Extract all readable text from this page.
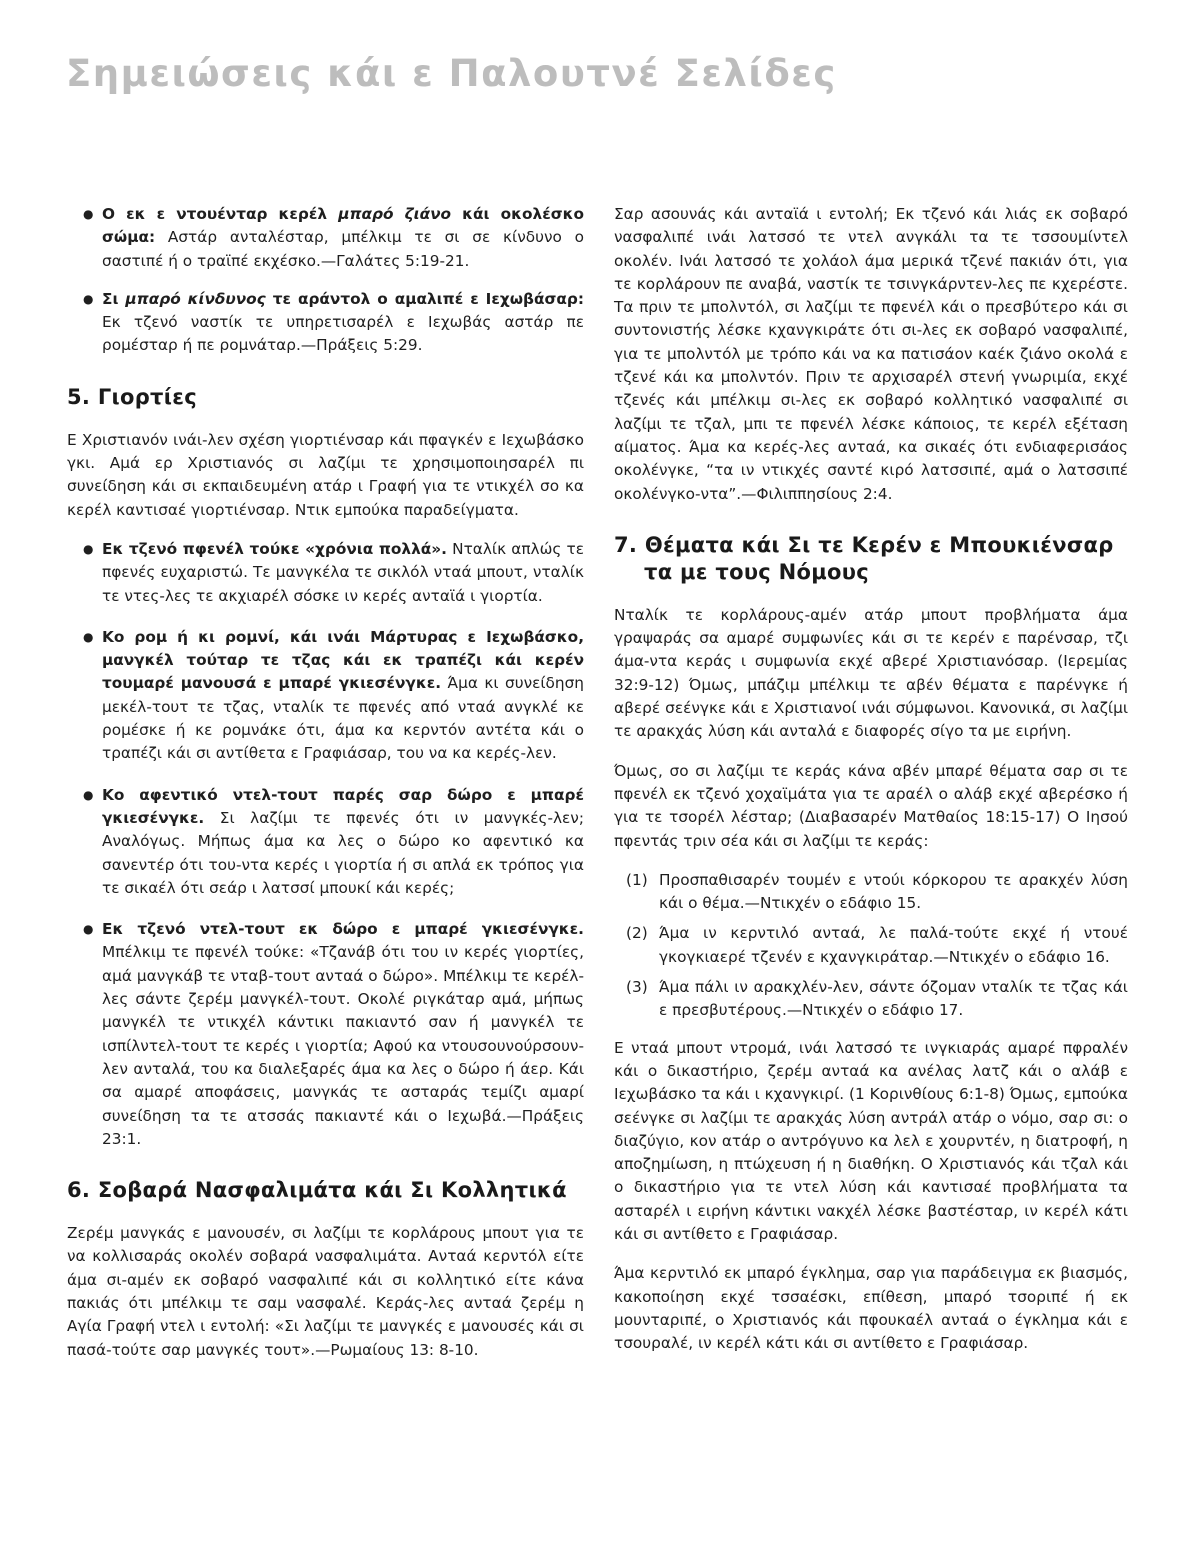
Σημειώσεις κάι ε Παλουτνέ Σελίδες
● Ο εκ ε ντουένταρ κερέλ μπαρό ζιάνο κάι οκολέσκο σώμα: Αστάρ ανταλέσταρ, μπέλκιμ τε σι σε κίνδυνο ο σαστιπέ ή ο τραϊπέ εκχέσκο.—Γαλάτες 5:19-21.
● Σι μπαρό κίνδυνος τε αράντολ ο αμαλιπέ ε Ιεχωβάσαρ: Εκ τζενό ναστίκ τε υπηρετισαρέλ ε Ιεχωβάς αστάρ πε ρομέσταρ ή πε ρομνάταρ.—Πράξεις 5:29.
5. Γιορτίες

Ε Χριστιανόν ινάι-λεν σχέση γιορτιένσαρ κάι πφαγκέν ε Ιεχωβάσκο γκι. Αμά ερ Χριστιανός σι λαζίμι τε χρησιμοποιησαρέλ πι συνείδηση κάι σι εκπαιδευμένη ατάρ ι Γραφή για τε ντικχέλ σο κα κερέλ καντισαέ γιορτιένσαρ. Ντικ εμπούκα παραδείγματα.

● Εκ τζενό πφενέλ τούκε «χρόνια πολλά». Νταλίκ απλώς τε πφενές ευχαριστώ. Τε μανγκέλα τε σικλόλ νταά μπουτ, νταλίκ τε ντες-λες τε ακχιαρέλ σόσκε ιν κερές ανταϊά ι γιορτία.
● Κο ρομ ή κι ρομνί, κάι ινάι Μάρτυρας ε Ιεχωβάσκο, μανγκέλ τούταρ τε τζας κάι εκ τραπέζι κάι κερέν τουμαρέ μανουσά ε μπαρέ γκιεσένγκε. Άμα κι συνείδηση μεκέλ-τουτ τε τζας, νταλίκ τε πφενές από νταά ανγκλέ κε ρομέσκε ή κε ρομνάκε ότι, άμα κα κερντόν αντέτα κάι ο τραπέζι κάι σι αντίθετα ε Γραφιάσαρ, του να κα κερές-λεν.
● Κο αφεντικό ντελ-τουτ παρές σαρ δώρο ε μπαρέ γκιεσένγκε. Σι λαζίμι τε πφενές ότι ιν μανγκές-λεν; Αναλόγως. Μήπως άμα κα λες ο δώρο κο αφεντικό κα σανεντέρ ότι του-ντα κερές ι γιορτία ή σι απλά εκ τρόπος για τε σικαέλ ότι σεάρ ι λατσσί μπουκί κάι κερές;
● Εκ τζενό ντελ-τουτ εκ δώρο ε μπαρέ γκιεσένγκε. Μπέλκιμ τε πφενέλ τούκε: «Τζανάβ ότι του ιν κερές γιορτίες, αμά μανγκάβ τε νταβ-τουτ ανταά ο δώρο». Μπέλκιμ τε κερέλ-λες σάντε ζερέμ μανγκέλ-τουτ. Οκολέ ριγκάταρ αμά, μήπως μανγκέλ τε ντικχέλ κάντικι πακιαντό σαν ή μανγκέλ τε ισπίλντελ-τουτ τε κερές ι γιορτία; Αφού κα ντουσουνούρσουν-λεν ανταλά, του κα διαλεξαρές άμα κα λες ο δώρο ή άερ. Κάι σα αμαρέ αποφάσεις, μανγκάς τε ασταράς τεμίζι αμαρί συνείδηση τα τε ατσσάς πακιαντέ κάι ο Ιεχωβά.—Πράξεις 23:1.
6. Σοβαρά Νασφαλιμάτα κάι Σι Κολλητικά

Ζερέμ μανγκάς ε μανουσέν, σι λαζίμι τε κορλάρους μπουτ για τε να κολλισαράς οκολέν σοβαρά νασφαλιμάτα. Ανταά κερντόλ είτε άμα σι-αμέν εκ σοβαρό νασφαλιπέ κάι σι κολλητικό είτε κάνα πακιάς ότι μπέλκιμ τε σαμ νασφαλέ. Κεράς-λες ανταά ζερέμ η Αγία Γραφή ντελ ι εντολή: «Σι λαζίμι τε μανγκές ε μανουσές κάι σι πασά-τούτε σαρ μανγκές τουτ».—Ρωμαίους 13: 8-10.

Σαρ ασουνάς κάι ανταϊά ι εντολή; Εκ τζενό κάι λιάς εκ σοβαρό νασφαλιπέ ινάι λατσσό τε ντελ ανγκάλι τα τε τσσουμίντελ οκολέν. Ινάι λατσσό τε χολάολ άμα μερικά τζενέ πακιάν ότι, για τε κορλάρουν πε αναβά, ναστίκ τε τσινγκάρντεν-λες πε κχερέστε. Τα πριν τε μπολντόλ, σι λαζίμι τε πφενέλ κάι ο πρεσβύτερο κάι σι συντονιστής λέσκε κχανγκιράτε ότι σι-λες εκ σοβαρό νασφαλιπέ, για τε μπολντόλ με τρόπο κάι να κα πατισάον καέκ ζιάνο οκολά ε τζενέ κάι κα μπολντόν. Πριν τε αρχισαρέλ στενή γνωριμία, εκχέ τζενές κάι μπέλκιμ σι-λες εκ σοβαρό κολλητικό νασφαλιπέ σι λαζίμι τε τζαλ, μπι τε πφενέλ λέσκε κάποιος, τε κερέλ εξέταση αίματος. Άμα κα κερές-λες ανταά, κα σικαές ότι ενδιαφερισάος οκολένγκε, “τα ιν ντικχές σαντέ κιρό λατσσιπέ, αμά ο λατσσιπέ οκολένγκο-ντα”.—Φιλιππησίους 2:4.

7. Θέματα κάι Σι τε Κερέν ε Μπουκιένσαρ
τα με τους Νόμους

Νταλίκ τε κορλάρους-αμέν ατάρ μπουτ προβλήματα άμα γραψαράς σα αμαρέ συμφωνίες κάι σι τε κερέν ε παρένσαρ, τζι άμα-ντα κεράς ι συμφωνία εκχέ αβερέ Χριστιανόσαρ. (Ιερεμίας 32:9-12) Όμως, μπάζιμ μπέλκιμ τε αβέν θέματα ε παρένγκε ή αβερέ σεένγκε κάι ε Χριστιανοί ινάι σύμφωνοι. Κανονικά, σι λαζίμι τε αρακχάς λύση κάι ανταλά ε διαφορές σίγο τα με ειρήνη.

Όμως, σο σι λαζίμι τε κεράς κάνα αβέν μπαρέ θέματα σαρ σι τε πφενέλ εκ τζενό χοχαϊμάτα για τε αραέλ ο αλάβ εκχέ αβερέσκο ή για τε τσορέλ λέσταρ; (Διαβασαρέν Ματθαίος 18:15-17) Ο Ιησού πφεντάς τριν σέα κάι σι λαζίμι τε κεράς:

(1) Προσπαθισαρέν τουμέν ε ντούι κόρκορου τε αρακχέν λύση κάι ο θέμα.—Ντικχέν ο εδάφιο 15.
(2) Άμα ιν κερντιλό ανταά, λε παλά-τούτε εκχέ ή ντουέ γκογκιαερέ τζενέν ε κχανγκιράταρ.—Ντικχέν ο εδάφιο 16.
(3) Άμα πάλι ιν αρακχλέν-λεν, σάντε όζομαν νταλίκ τε τζας κάι ε πρεσβυτέρους.—Ντικχέν ο εδάφιο 17.

Ε νταά μπουτ ντρομά, ινάι λατσσό τε ινγκιαράς αμαρέ πφραλέν κάι ο δικαστήριο, ζερέμ ανταά κα ανέλας λατζ κάι ο αλάβ ε Ιεχωβάσκο τα κάι ι κχανγκιρί. (1 Κορινθίους 6:1-8) Όμως, εμπούκα σεένγκε σι λαζίμι τε αρακχάς λύση αντράλ ατάρ ο νόμο, σαρ σι: ο διαζύγιο, κον ατάρ ο αντρόγυνο κα λελ ε χουρντέν, η διατροφή, η αποζημίωση, η πτώχευση ή η διαθήκη. Ο Χριστιανός κάι τζαλ κάι ο δικαστήριο για τε ντελ λύση κάι καντισαέ προβλήματα τα ασταρέλ ι ειρήνη κάντικι νακχέλ λέσκε βαστέσταρ, ιν κερέλ κάτι κάι σι αντίθετο ε Γραφιάσαρ.

Άμα κερντιλό εκ μπαρό έγκλημα, σαρ για παράδειγμα εκ βιασμός, κακοποίηση εκχέ τσσαέσκι, επίθεση, μπαρό τσοριπέ ή εκ μουνταριπέ, ο Χριστιανός κάι πφουκαέλ ανταά ο έγκλημα κάι ε τσουραλέ, ιν κερέλ κάτι κάι σι αντίθετο ε Γραφιάσαρ.
